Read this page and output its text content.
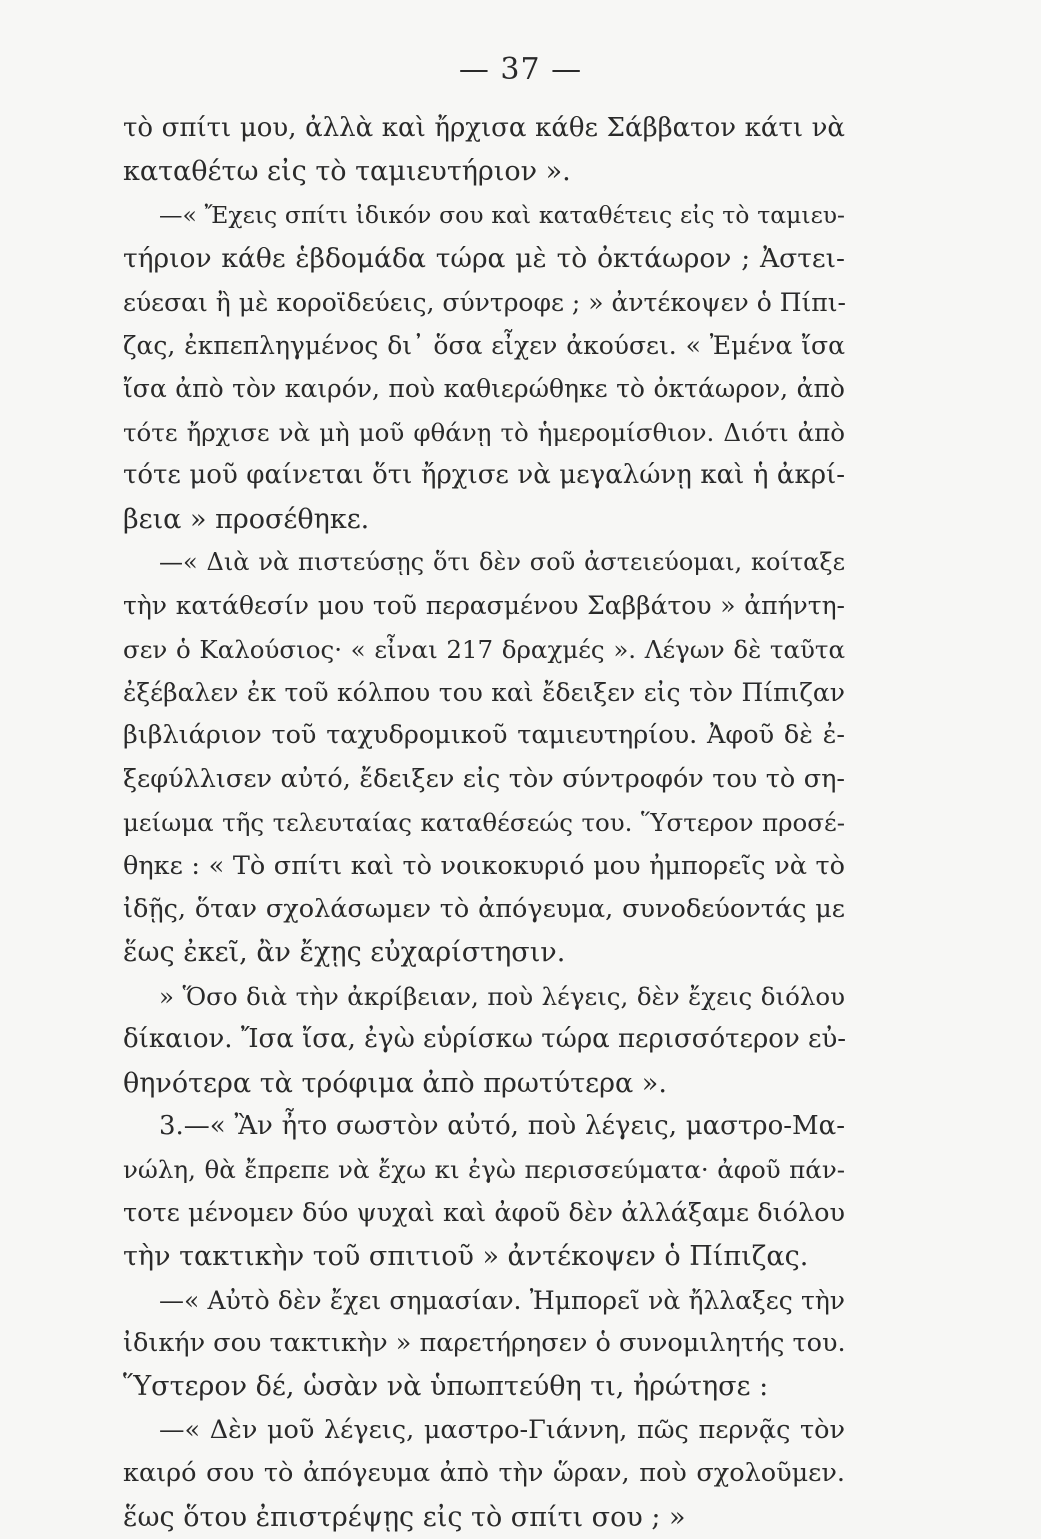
— 37 —
τὸ σπίτι μου, ἀλλὰ καὶ ἤρχισα κάθε Σάββατον κάτι νὰ
καταθέτω εἰς τὸ ταμιευτήριον ».
—« Ἔχεις σπίτι ἰδικόν σου καὶ καταθέτεις εἰς τὸ ταμιευ-
τήριον κάθε ἑβδομάδα τώρα μὲ τὸ ὀκτάωρον ; Ἀστει-
εύεσαι ἢ μὲ κοροϊδεύεις, σύντροφε ; » ἀντέκοψεν ὁ Πίπι-
ζας, ἐκπεπληγμένος δι᾽ ὅσα εἶχεν ἀκούσει. « Ἐμένα ἴσα
ἴσα ἀπὸ τὸν καιρόν, ποὺ καθιερώθηκε τὸ ὀκτάωρον, ἀπὸ
τότε ἤρχισε νὰ μὴ μοῦ φθάνῃ τὸ ἡμερομίσθιον. Διότι ἀπὸ
τότε μοῦ φαίνεται ὅτι ἤρχισε νὰ μεγαλώνῃ καὶ ἡ ἀκρί-
βεια » προσέθηκε.
—« Διὰ νὰ πιστεύσῃς ὅτι δὲν σοῦ ἀστειεύομαι, κοίταξε
τὴν κατάθεσίν μου τοῦ περασμένου Σαββάτου » ἀπήντη-
σεν ὁ Καλούσιος· « εἶναι 217 δραχμές ». Λέγων δὲ ταῦτα
ἐξέβαλεν ἐκ τοῦ κόλπου του καὶ ἔδειξεν εἰς τὸν Πίπιζαν
βιβλιάριον τοῦ ταχυδρομικοῦ ταμιευτηρίου. Ἀφοῦ δὲ ἐ-
ξεφύλλισεν αὐτό, ἔδειξεν εἰς τὸν σύντροφόν του τὸ ση-
μείωμα τῆς τελευταίας καταθέσεώς του. Ὕστερον προσέ-
θηκε : « Τὸ σπίτι καὶ τὸ νοικοκυριό μου ἠμπορεῖς νὰ τὸ
ἰδῇς, ὅταν σχολάσωμεν τὸ ἀπόγευμα, συνοδεύοντάς με
ἕως ἐκεῖ, ἂν ἔχῃς εὐχαρίστησιν.
» Ὅσο διὰ τὴν ἀκρίβειαν, ποὺ λέγεις, δὲν ἔχεις διόλου
δίκαιον. Ἴσα ἴσα, ἐγὼ εὑρίσκω τώρα περισσότερον εὐ-
θηνότερα τὰ τρόφιμα ἀπὸ πρωτύτερα ».
3.—« Ἂν ἦτο σωστὸν αὐτό, ποὺ λέγεις, μαστρο-Μα-
νώλη, θὰ ἔπρεπε νὰ ἔχω κι ἐγὼ περισσεύματα· ἀφοῦ πάν-
τοτε μένομεν δύο ψυχαὶ καὶ ἀφοῦ δὲν ἀλλάξαμε διόλου
τὴν τακτικὴν τοῦ σπιτιοῦ » ἀντέκοψεν ὁ Πίπιζας.
—« Αὐτὸ δὲν ἔχει σημασίαν. Ἠμπορεῖ νὰ ἤλλαξες τὴν
ἰδικήν σου τακτικὴν » παρετήρησεν ὁ συνομιλητής του.
Ὕστερον δέ, ὡσὰν νὰ ὑπωπτεύθη τι, ἠρώτησε :
—« Δὲν μοῦ λέγεις, μαστρο-Γιάννη, πῶς περνᾷς τὸν
καιρό σου τὸ ἀπόγευμα ἀπὸ τὴν ὥραν, ποὺ σχολοῦμεν.
ἕως ὅτου ἐπιστρέψῃς εἰς τὸ σπίτι σου ; »
